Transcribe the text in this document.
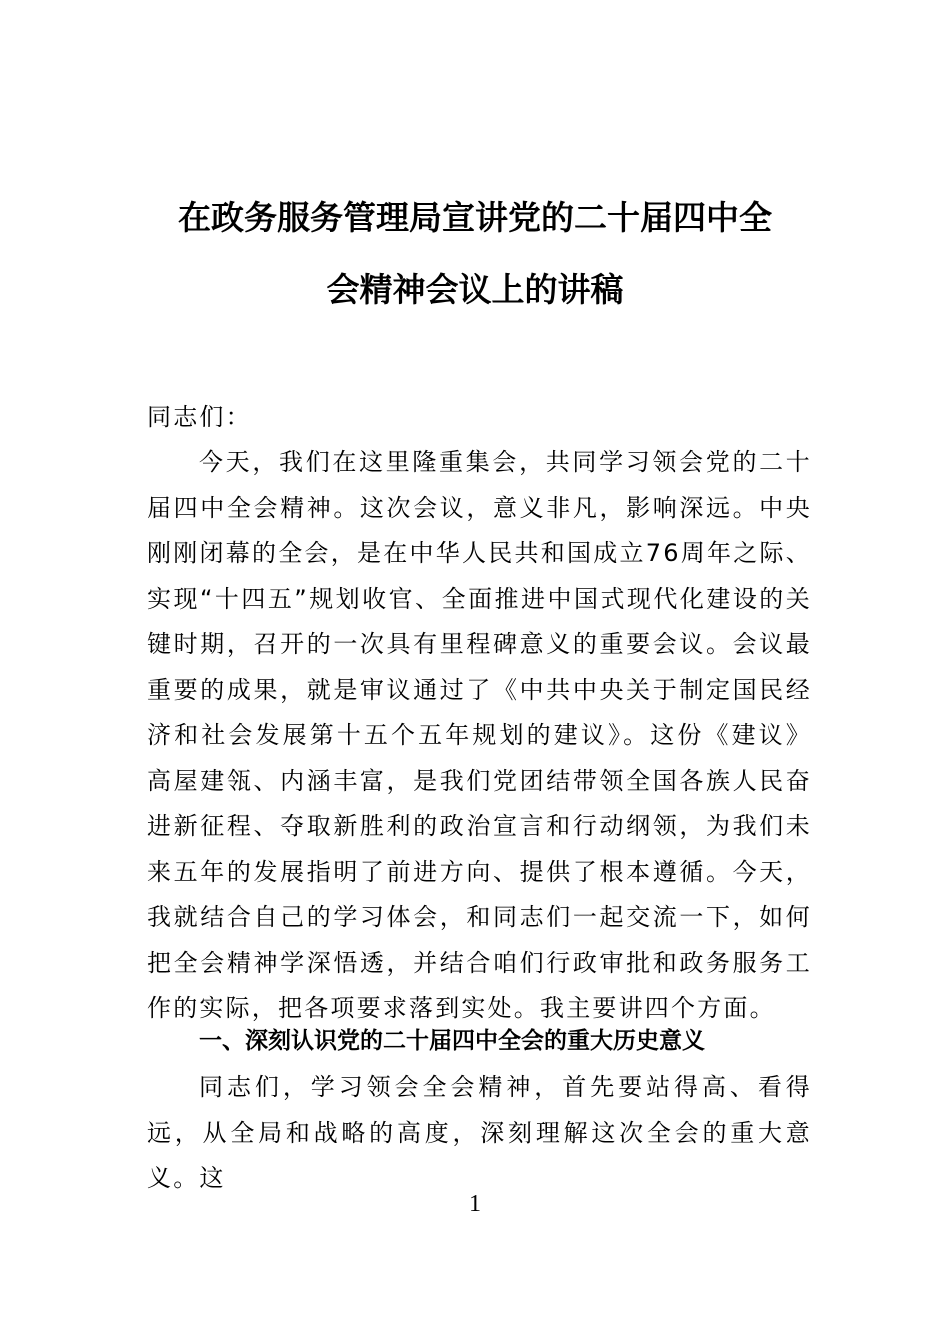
在政务服务管理局宣讲党的二十届四中全
会精神会议上的讲稿
同志们：
今天，我们在这里隆重集会，共同学习领会党的二十届四中全会精神。这次会议，意义非凡，影响深远。中央刚刚闭幕的全会，是在中华人民共和国成立76周年之际、实现“十四五”规划收官、全面推进中国式现代化建设的关键时期，召开的一次具有里程碑意义的重要会议。会议最重要的成果，就是审议通过了《中共中央关于制定国民经济和社会发展第十五个五年规划的建议》。这份《建议》高屋建瓴、内涵丰富，是我们党团结带领全国各族人民奋进新征程、夺取新胜利的政治宣言和行动纲领，为我们未来五年的发展指明了前进方向、提供了根本遵循。今天，我就结合自己的学习体会，和同志们一起交流一下，如何把全会精神学深悟透，并结合咱们行政审批和政务服务工作的实际，把各项要求落到实处。我主要讲四个方面。
一、深刻认识党的二十届四中全会的重大历史意义
同志们，学习领会全会精神，首先要站得高、看得远，从全局和战略的高度，深刻理解这次全会的重大意义。这
1
